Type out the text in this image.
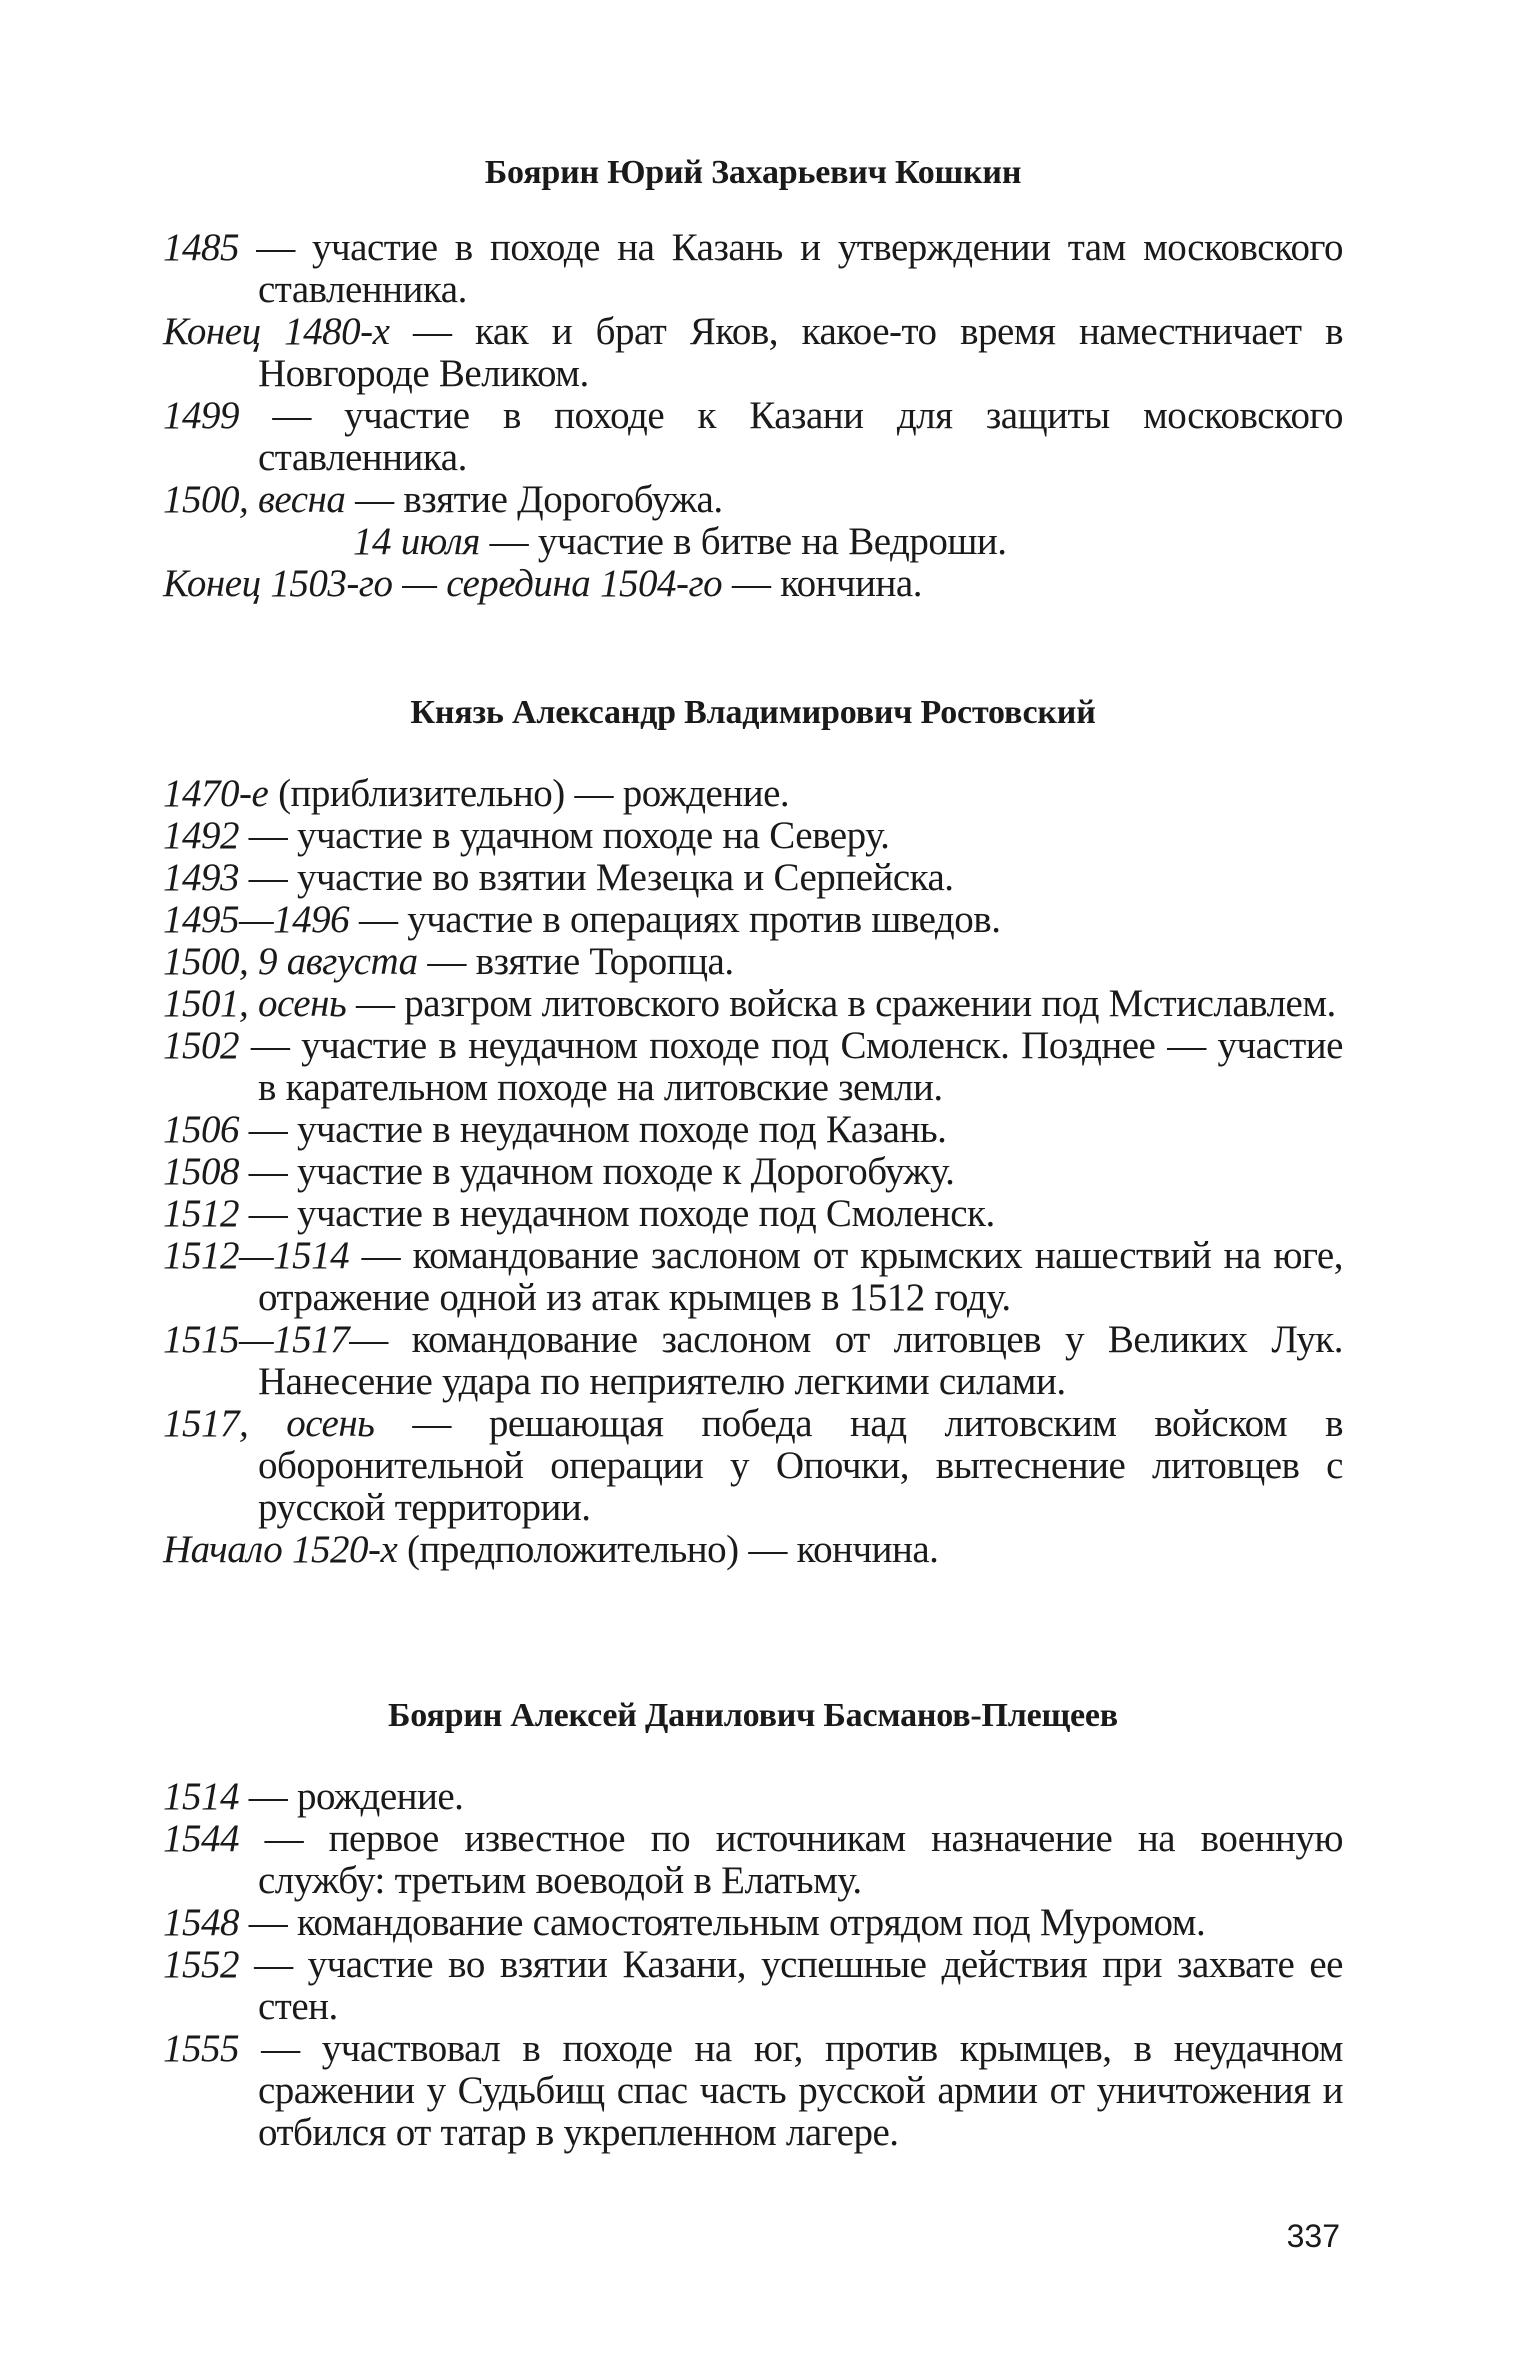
Боярин Юрий Захарьевич Кошкин
1485 — участие в походе на Казань и утверждении там московского ставленника.
Конец 1480-х — как и брат Яков, какое-то время наместничает в Новгороде Великом.
1499 — участие в походе к Казани для защиты московского ставленника.
1500, весна — взятие Дорогобужа.
14 июля — участие в битве на Ведроши.
Конец 1503-го — середина 1504-го — кончина.
Князь Александр Владимирович Ростовский
1470-е (приблизительно) — рождение.
1492 — участие в удачном походе на Северу.
1493 — участие во взятии Мезецка и Серпейска.
1495—1496 — участие в операциях против шведов.
1500, 9 августа — взятие Торопца.
1501, осень — разгром литовского войска в сражении под Мстиславлем.
1502 — участие в неудачном походе под Смоленск. Позднее — участие в карательном походе на литовские земли.
1506 — участие в неудачном походе под Казань.
1508 — участие в удачном походе к Дорогобужу.
1512 — участие в неудачном походе под Смоленск.
1512—1514 — командование заслоном от крымских нашествий на юге, отражение одной из атак крымцев в 1512 году.
1515—1517— командование заслоном от литовцев у Великих Лук. Нанесение удара по неприятелю легкими силами.
1517, осень — решающая победа над литовским войском в оборонительной операции у Опочки, вытеснение литовцев с русской территории.
Начало 1520-х (предположительно) — кончина.
Боярин Алексей Данилович Басманов-Плещеев
1514 — рождение.
1544 — первое известное по источникам назначение на военную службу: третьим воеводой в Елатьму.
1548 — командование самостоятельным отрядом под Муромом.
1552 — участие во взятии Казани, успешные действия при захвате ее стен.
1555 — участвовал в походе на юг, против крымцев, в неудачном сражении у Судьбищ спас часть русской армии от уничтожения и отбился от татар в укрепленном лагере.
337
